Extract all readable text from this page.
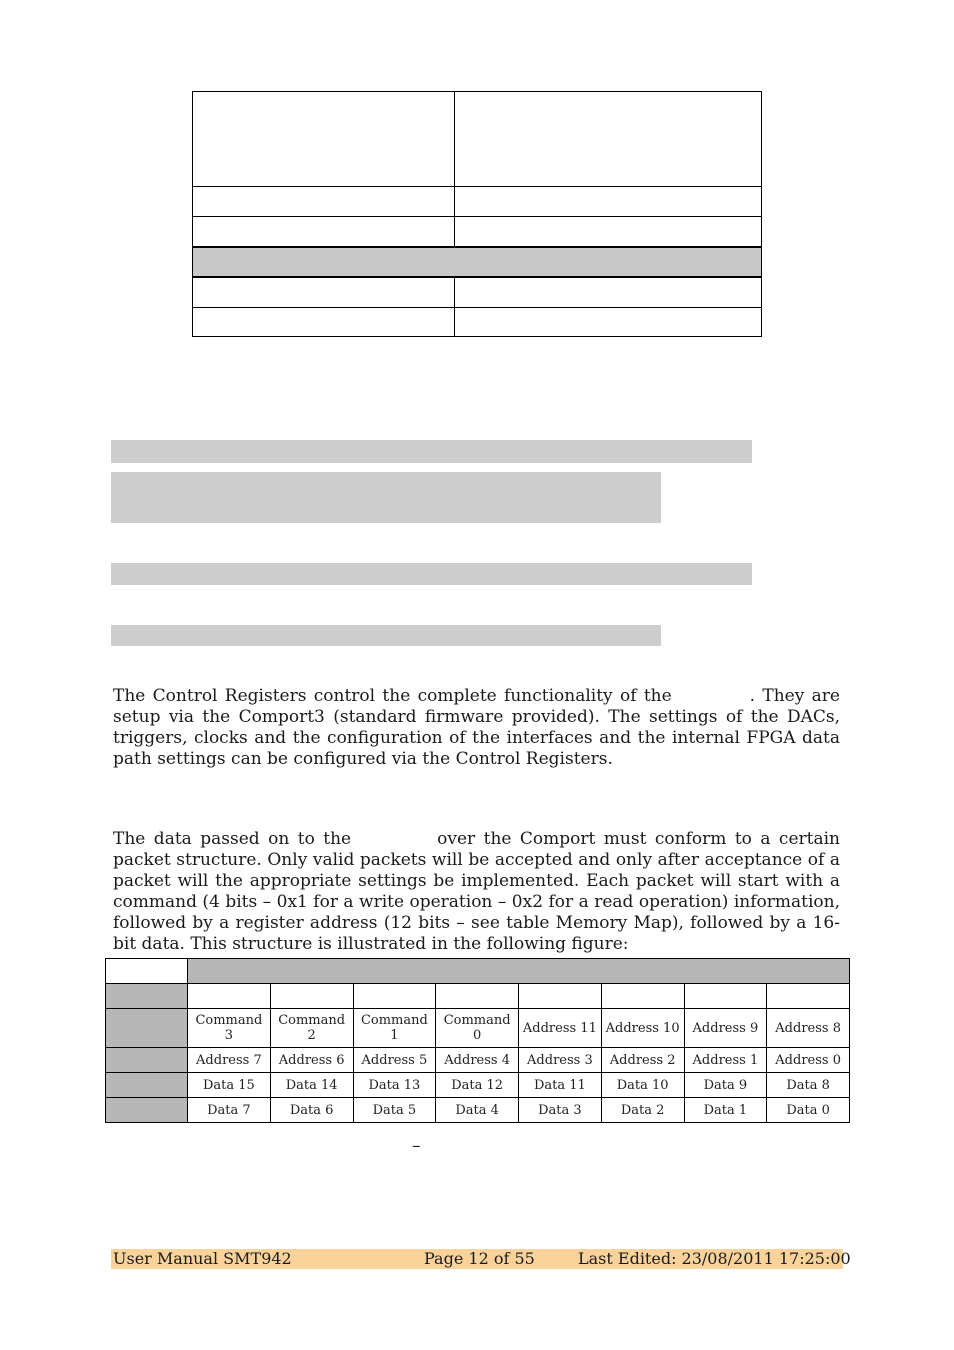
The Control Registers control the complete functionality of the	. They are setup via the Comport3 (standard firmware provided). The settings of the DACs, triggers, clocks and the configuration of the interfaces and the internal FPGA data path settings can be configured via the Control Registers.

The data passed on to the	over the Comport must conform to a certain packet structure. Only valid packets will be accepted and only after acceptance of a packet will the appropriate settings be implemented. Each packet will start with a command (4 bits – 0x1 for a write operation – 0x2 for a read operation) information, followed by a register address (12 bits – see table Memory Map), followed by a 16-bit data. This structure is illustrated in the following figure:

	Command 3	Command 2	Command 1	Command 0	Address 11	Address 10	Address 9	Address 8
	Address 7	Address 6	Address 5	Address 4	Address 3	Address 2	Address 1	Address 0
	Data 15	Data 14	Data 13	Data 12	Data 11	Data 10	Data 9	Data 8
	Data 7	Data 6	Data 5	Data 4	Data 3	Data 2	Data 1	Data 0
–
User Manual SMT942	Page 12 of 55	Last Edited: 23/08/2011 17:25:00
